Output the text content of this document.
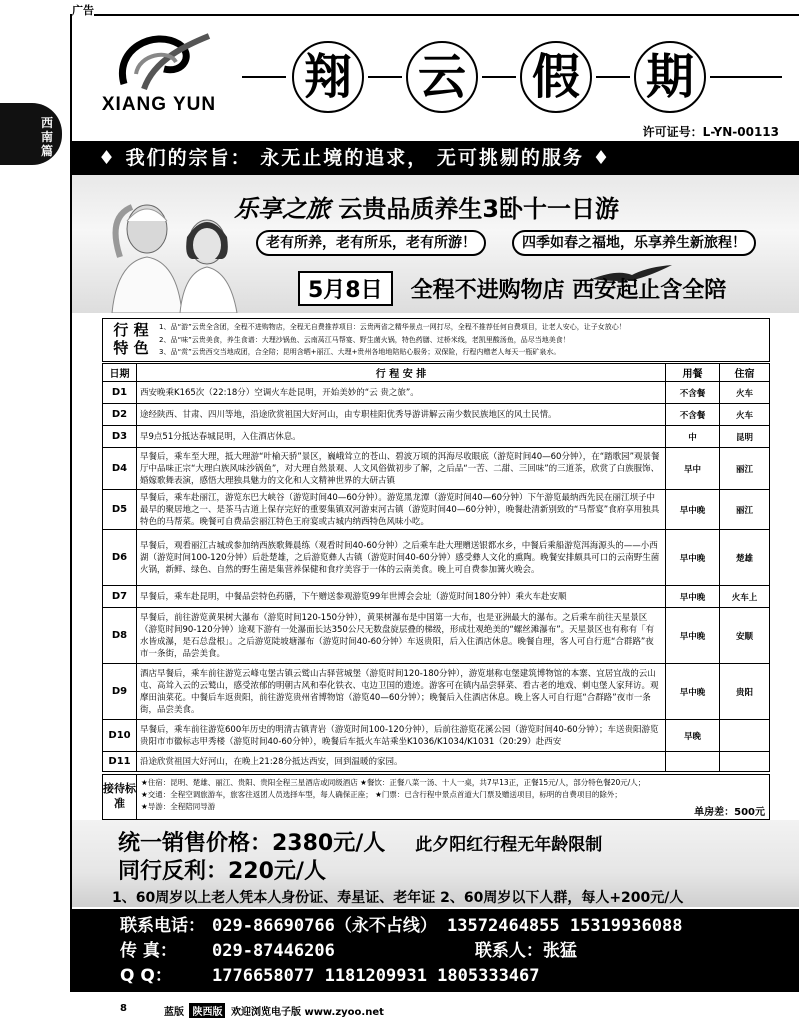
广告
西
南
篇
XIANG YUN	翔 云 假 期
许可证号：L-YN-00113
♦ 我们的宗旨： 永无止境的追求， 无可挑剔的服务 ♦
乐享之旅 云贵品质养生3卧十一日游
老有所养，老有所乐，老有所游！	四季如春之福地，乐享养生新旅程！
5月8日 全程不进购物店 西安起止含全陪
行 程
特 色
1、品“游”云贵全含团，全程不进购物店，全程无自费推荐项目：云贵两省之精华景点一网打尽，全程不推荐任何自费项目，让老人安心，让子女放心！
2、品“味”云贵美食，养生食谱：大理沙锅鱼、云南莴江马帮宴、野生菌火锅，特色药膳、过桥米线，老凯里酸汤鱼，品尽当地美食！
3、品“赏”云贵西交当地成团，合全陪；昆明含晒+丽江、大理+贵州各地地陪贴心服务；双保险，行程内赠老人每天一瓶矿泉水。
日期	行 程 安 排	用餐	住宿
D1	西安晚乘K165次（22:18分）空调火车赴昆明，开始美妙的“云 贵之旅”。	不含餐	火车
D2	途经陕西、甘肃、四川等地，沿途欣赏祖国大好河山，由专职桂阳优秀导游讲解云南少数民族地区的风土民情。	不含餐	火车
D3	早9点51分抵达春城昆明，入住酒店休息。	中	昆明
D4	早餐后，乘车至大理，抵大理游“叶榆天骄”景区，巍峨耸立的苍山、碧波万顷的洱海尽收眼底（游览时间40—60分钟），在“踏歌园”观景餐厅中品味正宗“大理白族风味沙锅鱼”，对大理自然景观、人文风俗做初步了解，之后品“一苦、二甜、三回味”的三道茶，欣赏了白族服饰、婚嫁歌舞表演，感悟大理独具魅力的文化和人文精神世界的大研古镇	早中	丽江
D5	早餐后，乘车赴丽江，游览东巴大峡谷（游览时间40—60分钟）。游览黑龙潭（游览时间40—60分钟）下午游览最纳西先民在丽江坝子中最早的聚居地之一、是茶马古道上保存完好的重要集镇双河游束河古镇（游览时间40—60分钟），晚餐赴清新别致的“马帮宴”食府享用独具特色的马帮菜。晚餐可自费品尝丽江特色王府宴或古城内纳西特色风味小吃。	早中晚	丽江
D6	早餐后，观看丽江古城或参加纳西族歌舞晨练（观看时间40-60分钟）之后乘车赴大理赠送银都水乡，中餐后乘船游览洱海源头的——小西湖（游览时间100-120分钟）后赴楚雄，之后游览彝人古镇（游览时间40-60分钟）感受彝人文化的熏陶。晚餐安排颇具可口的云南野生菌火锅，新鲜、绿色、自然的野生菌是集营养保健和食疗美容于一体的云南美食。晚上可自费参加篝火晚会。	早中晚	楚雄
D7	早餐后，乘车赴昆明，中餐品尝特色药膳，下午赠送参观游览99年世博会会址（游览时间180分钟）乘火车赴安顺	早中晚	火车上
D8	早餐后，前往游览黄果树大瀑布（游览时间120-150分钟），黄果树瀑布是中国第一大布，也是亚洲最大的瀑布。之后乘车前往天星景区（游览时间90-120分钟）途观下游有一处瀑面长达350公尺无数盘旋层叠的梯级，形成壮观绝美的“螺丝滩瀑布”。天星景区也有称有「有水皆成瀑，是石总盘根」。之后游览陡坡塘瀑布（游览时间40-60分钟）车返贵阳，后入住酒店休息。晚餐自理，客人可自行逛“合群路”夜市一条街，品尝美食。	早中晚	安顺
D9	酒店早餐后，乘车前往游览云峰屯堡古镇云鹫山古驿营城堡（游览时间120-180分钟），游览堪称屯堡建筑博物馆的本寨、宜居宜战的云山屯、高耸入云的云鹫山，感受浓郁的明朝古风和奉化铁衣、屯边卫国的遗迹。游客可在镇内品尝驿菜、看古老的地戏、刺屯堡人家拜访。观摩田油菜花。中餐后车返贵阳，前往游览贵州省博物馆（游览40—60分钟）；晚餐后入住酒店休息。晚上客人可自行逛“合群路”夜市一条街，品尝美食。	早中晚	贵阳
D10	早餐后，乘车前往游览600年历史的明清古镇青岩（游览时间100-120分钟），后前往游览花溪公园（游览时间40-60分钟）；车送贵阳游览贵阳市市徽标志甲秀楼（游览时间40-60分钟），晚餐后车抵火车站乘坐K1036/K1034/K1031（20:29）赴西安	早晚	
D11	沿途欣赏祖国大好河山，在晚上21:28分抵达西安，回到温暖的家园。		
接待标准
★住宿：昆明、楚雄、丽江、贵阳、贵阳全程三星酒店或同级酒店 ★餐饮：正餐八菜一汤、十人一桌，共7早13正，正餐15元/人，部分特色餐20元/人；
★交通：全程空调旅游车，旅客往返团人员选择车型，每人确保正座； ★门票：已含行程中景点首道大门票及赠送项目，标明的自费项目的除外；
★导游：全程陪同导游
单房差：500元
统一销售价格：2380元/人 此夕阳红行程无年龄限制
同行反利：220元/人
1、60周岁以上老人凭本人身份证、寿星证、老年证 2、60周岁以下人群，每人+200元/人
联系电话： 029-86690766（永不占线） 13572464855 15319936088
传 真： 029-87446206	联系人：张猛
Q Q： 1776658077 1181209931 1805333467
8	蓝版 陕西版 欢迎浏览电子版 www.zyoo.net
